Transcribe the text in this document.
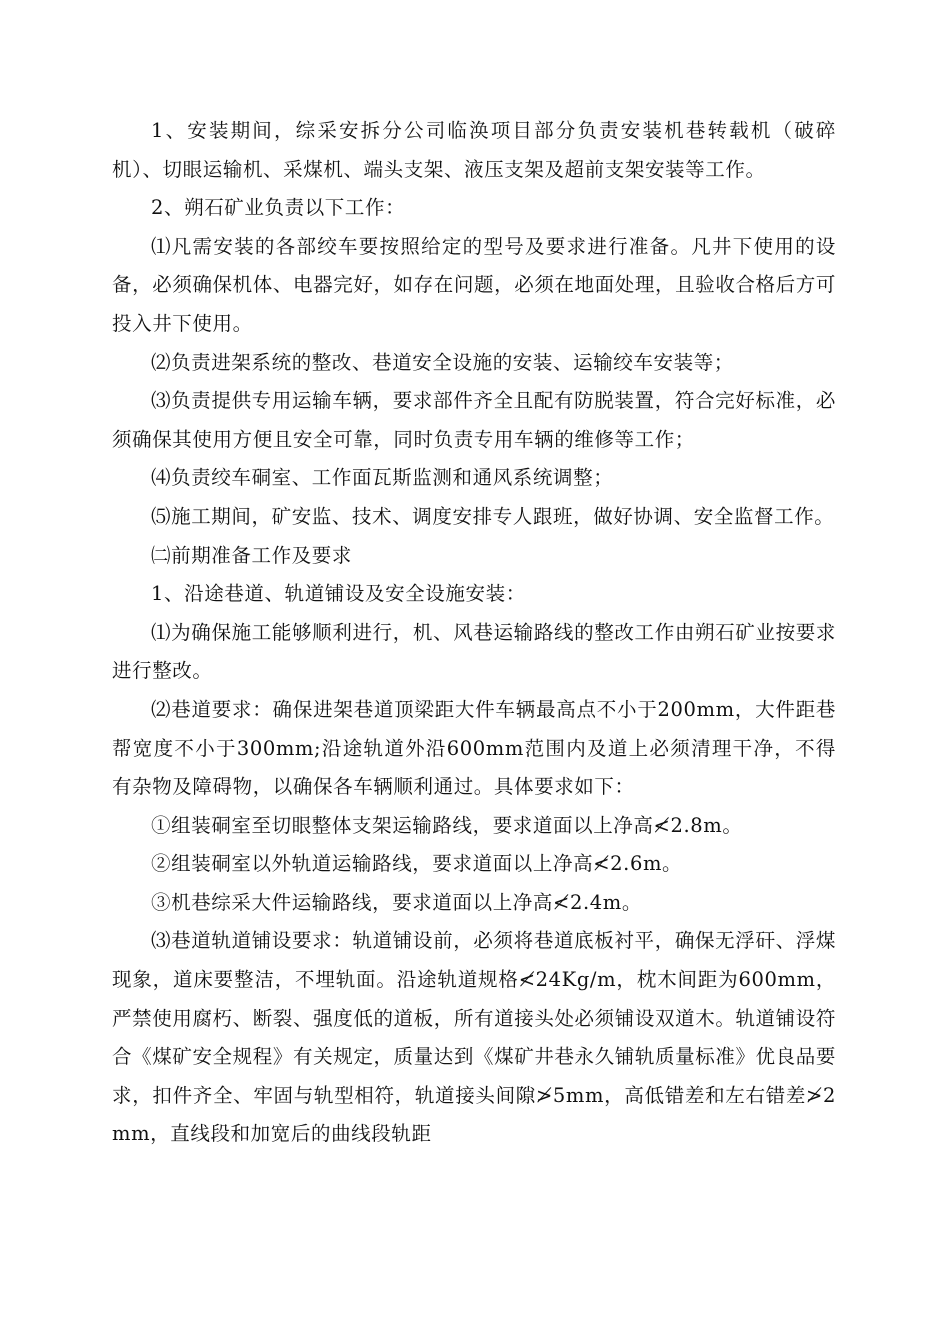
1、安装期间，综采安拆分公司临涣项目部分负责安装机巷转载机（破碎机）、切眼运输机、采煤机、端头支架、液压支架及超前支架安装等工作。

2、朔石矿业负责以下工作：

⑴凡需安装的各部绞车要按照给定的型号及要求进行准备。凡井下使用的设备，必须确保机体、电器完好，如存在问题，必须在地面处理，且验收合格后方可投入井下使用。

⑵负责进架系统的整改、巷道安全设施的安装、运输绞车安装等；

⑶负责提供专用运输车辆，要求部件齐全且配有防脱装置，符合完好标准，必须确保其使用方便且安全可靠，同时负责专用车辆的维修等工作；

⑷负责绞车硐室、工作面瓦斯监测和通风系统调整；

⑸施工期间，矿安监、技术、调度安排专人跟班，做好协调、安全监督工作。

㈡前期准备工作及要求

1、沿途巷道、轨道铺设及安全设施安装：

⑴为确保施工能够顺利进行，机、风巷运输路线的整改工作由朔石矿业按要求进行整改。

⑵巷道要求：确保进架巷道顶梁距大件车辆最高点不小于200mm，大件距巷帮宽度不小于300mm;沿途轨道外沿600mm范围内及道上必须清理干净，不得有杂物及障碍物，以确保各车辆顺利通过。具体要求如下：

①组装硐室至切眼整体支架运输路线，要求道面以上净高≮2.8m。

②组装硐室以外轨道运输路线，要求道面以上净高≮2.6m。

③机巷综采大件运输路线，要求道面以上净高≮2.4m。

⑶巷道轨道铺设要求：轨道铺设前，必须将巷道底板衬平，确保无浮矸、浮煤现象，道床要整洁，不埋轨面。沿途轨道规格≮24Kg/m，枕木间距为600mm，严禁使用腐朽、断裂、强度低的道板，所有道接头处必须铺设双道木。轨道铺设符合《煤矿安全规程》有关规定，质量达到《煤矿井巷永久铺轨质量标准》优良品要求，扣件齐全、牢固与轨型相符，轨道接头间隙≯5mm，高低错差和左右错差≯2mm，直线段和加宽后的曲线段轨距
